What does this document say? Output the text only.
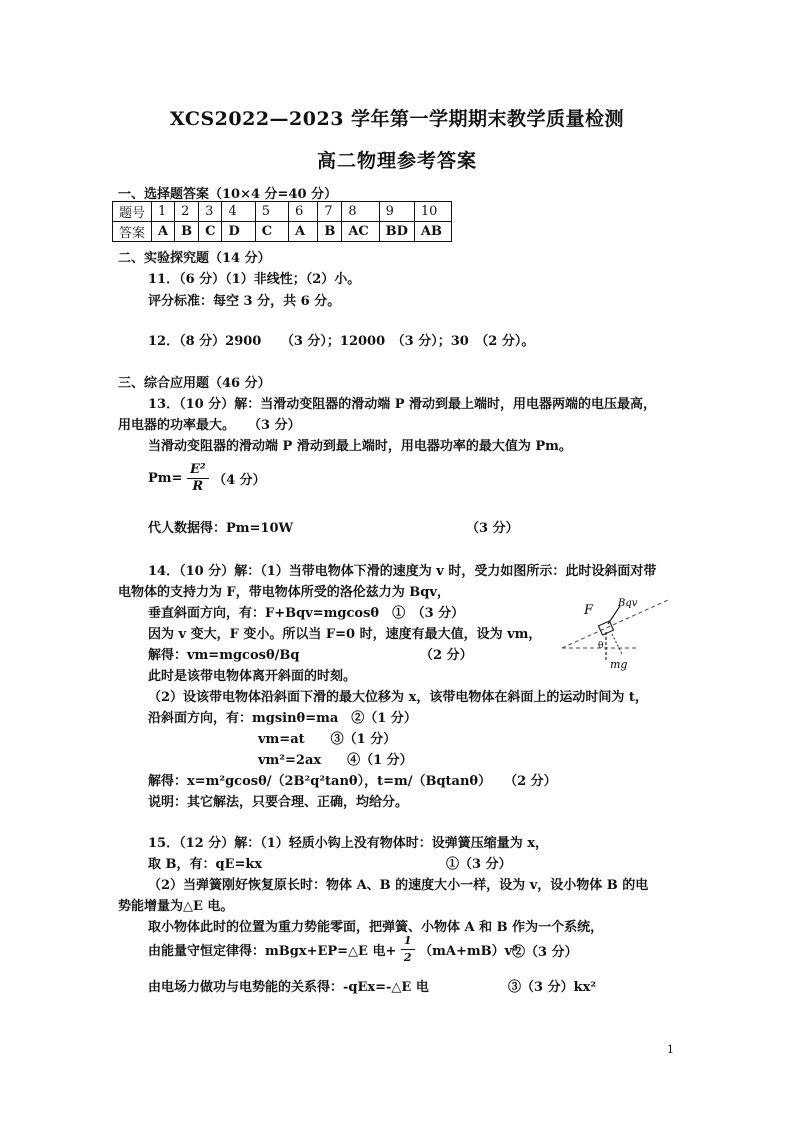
XCS2022—2023 学年第一学期期末教学质量检测
高二物理参考答案
一、选择题答案（10×4 分=40 分）
题号	1	2	3	4	5	6	7	8	9	10
答案	A	B	C	D	C	A	B	AC	BD	AB
二、实验探究题（14 分）
11．（6 分）（1）非线性；（2）小。
评分标准：每空 3 分，共 6 分。
12．（8 分）2900　　（3 分）；12000　（3 分）；30　（2 分）。
三、综合应用题（46 分）
13．（10 分）解：当滑动变阻器的滑动端 P 滑动到最上端时，用电器两端的电压最高，
用电器的功率最大。　　（3 分）
当滑动变阻器的滑动端 P 滑动到最上端时，用电器功率的最大值为 Pm。
$Pm= \frac{\text{E²}}{R} (4$ 分）
代人数据得：Pm=10W	（3 分）
14．（10 分）解：（1）当带电物体下滑的速度为 v 时，受力如图所示：此时设斜面对带
电物体的支持力为 F，带电物体所受的洛伦兹力为 Bqv，
垂直斜面方向，有：F+Bqv=mgcosθ　①　（3 分）
因为 v 变大，F 变小。所以当 F=0 时，速度有最大值，设为 vm，
解得：vm=mgcosθ/Bq	（2 分）
此时是该带电物体离开斜面的时刻。
（2）设该带电物体沿斜面下滑的最大位移为 x，该带电物体在斜面上的运动时间为 t，
沿斜面方向，有：mgsinθ=ma　②（1 分）
vm=at　　③（1 分）
vm²=2ax　　④（1 分）
解得：x=m²gcosθ/（2B²q²tanθ），t=m/（Bqtanθ）　　（2 分）
说明：其它解法，只要合理、正确，均给分。
F Bqv
θ
mg
15．（12 分）解：（1）轻质小钩上没有物体时：设弹簧压缩量为 x，
取 B，有：qE=kx	①（3 分）
（2）当弹簧刚好恢复原长时：物体 A、B 的速度大小一样，设为 v，设小物体 B 的电
势能增量为△E 电。
取小物体此时的位置为重力势能零面，把弹簧、小物体 A 和 B 作为一个系统，
由能量守恒定律得：mBgx+EP=△E 电+ $\frac{1}{2} (mA+mB)v^2$
②（3 分）
由电场力做功与电势能的关系得：-qEx=-△E 电	③（3 分）kx²
1
